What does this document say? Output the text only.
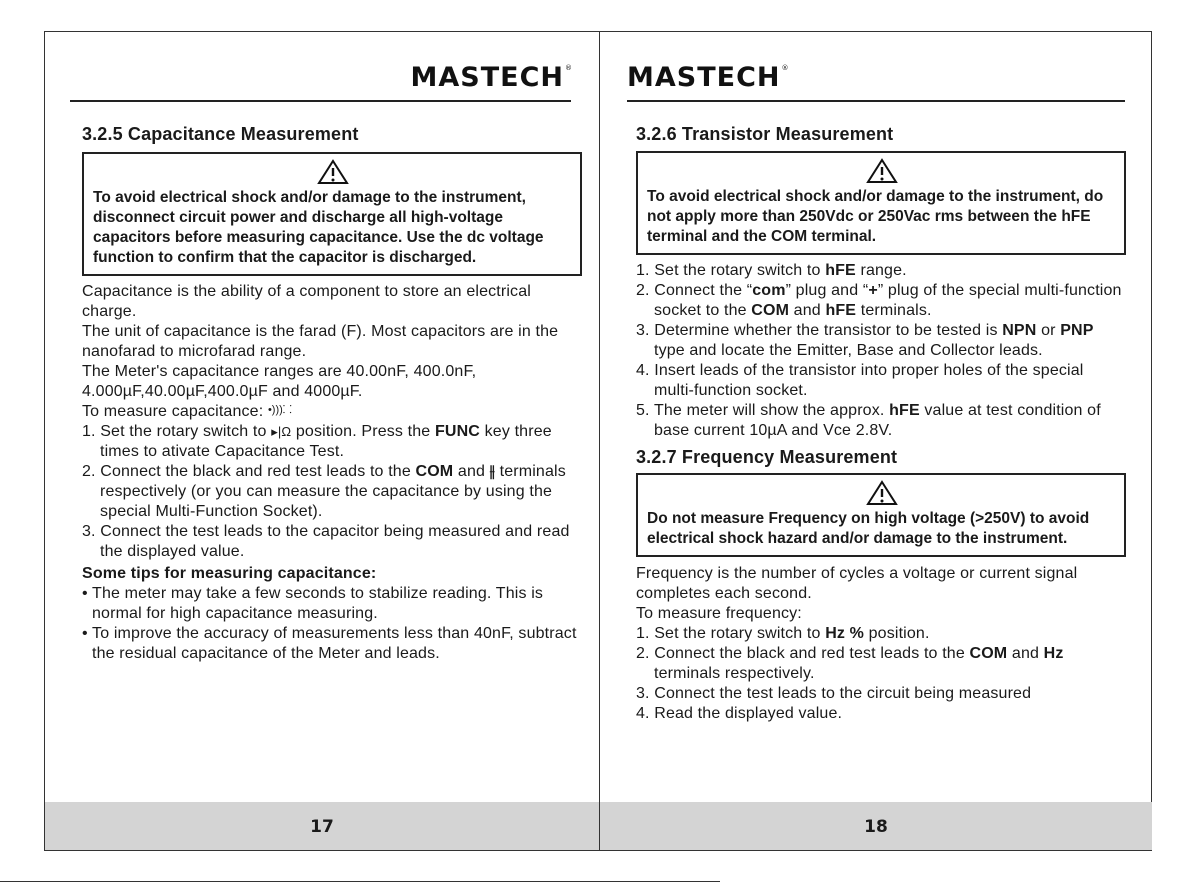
MASTECH®
3.2.5 Capacitance Measurement
To avoid electrical shock and/or damage to the instrument, disconnect circuit power and discharge all high-voltage capacitors before measuring capacitance. Use the dc voltage function to confirm that the capacitor is discharged.

Capacitance is the ability of a component to store an electrical charge.

The unit of capacitance is the farad (F). Most capacitors are in the nanofarad to microfarad range.

The Meter's capacitance ranges are 40.00nF, 400.0nF, 4.000µF,40.00µF,400.0µF and 4000µF.

To measure capacitance: •)))⸬

1. Set the rotary switch to ▸|Ω position. Press the FUNC key three times to ativate Capacitance Test.

2. Connect the black and red test leads to the COM and ⫲ terminals respectively (or you can measure the capacitance by using the special Multi-Function Socket).

3. Connect the test leads to the capacitor being measured and read the displayed value.

Some tips for measuring capacitance:

• The meter may take a few seconds to stabilize reading. This is normal for high capacitance measuring.

• To improve the accuracy of measurements less than 40nF, subtract the residual capacitance of the Meter and leads.

17
MASTECH®
3.2.6 Transistor Measurement
To avoid electrical shock and/or damage to the instrument, do not apply more than 250Vdc or 250Vac rms between the hFE terminal and the COM terminal.

1. Set the rotary switch to hFE range.

2. Connect the “com” plug and “+” plug of the special multi-function socket to the COM and hFE terminals.

3. Determine whether the transistor to be tested is NPN or PNP type and locate the Emitter, Base and Collector leads.

4. Insert leads of the transistor into proper holes of the special multi-function socket.

5. The meter will show the approx. hFE value at test condition of base current 10µA and Vce 2.8V.

3.2.7 Frequency Measurement
Do not measure Frequency on high voltage (>250V) to avoid electrical shock hazard and/or damage to the instrument.

Frequency is the number of cycles a voltage or current signal completes each second.

To measure frequency:

1. Set the rotary switch to Hz % position.

2. Connect the black and red test leads to the COM and Hz terminals respectively.

3. Connect the test leads to the circuit being measured

4. Read the displayed value.

18
